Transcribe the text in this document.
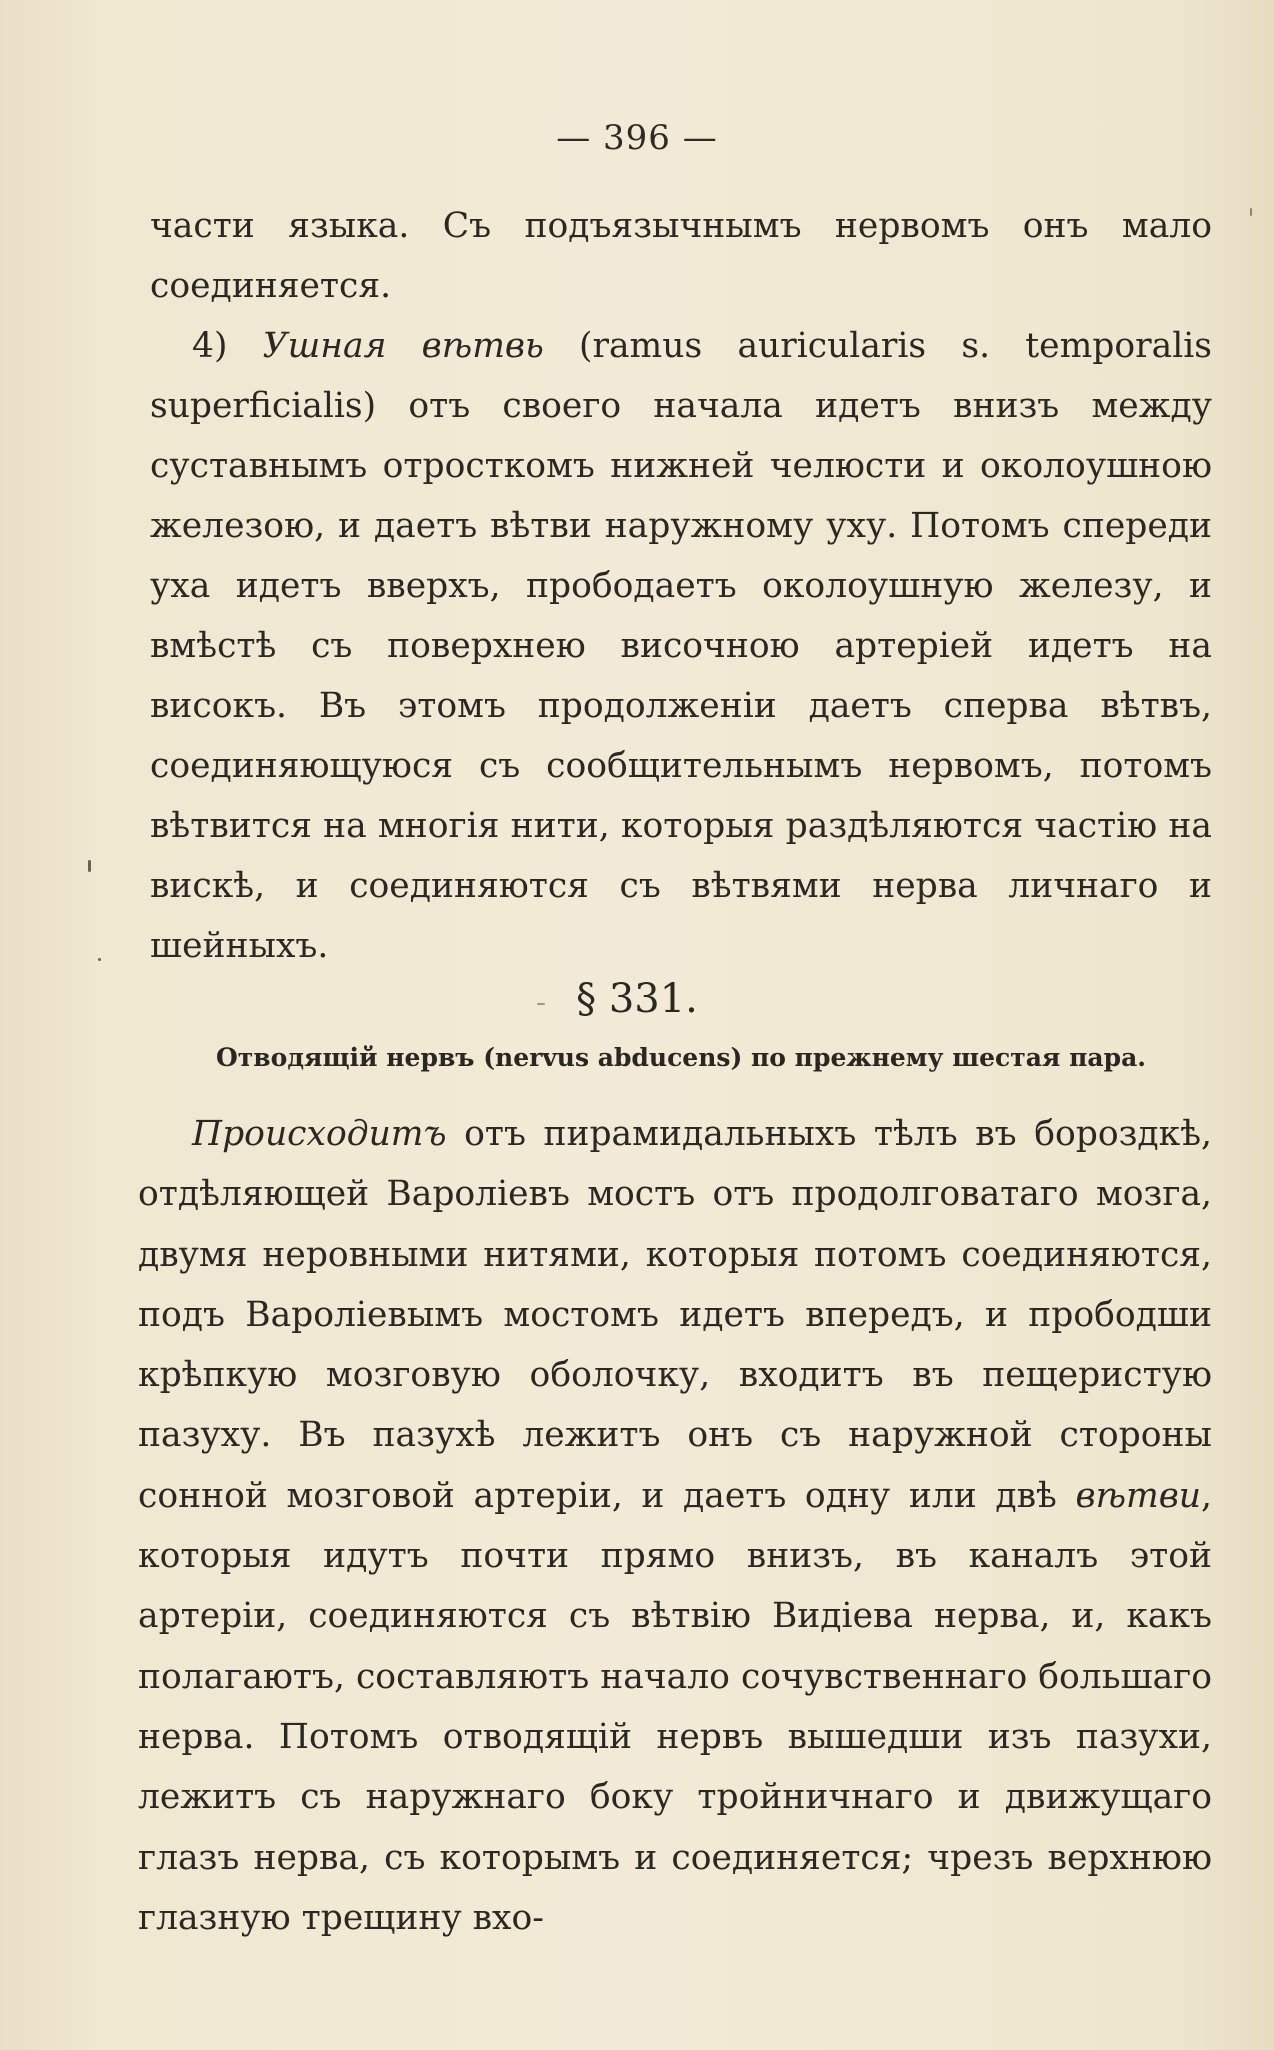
— 396 —
части языка. Съ подъязычнымъ нервомъ онъ мало соединяется.
4) Ушная вѣтвь (ramus auricularis s. temporalis superficialis) отъ своего начала идетъ внизъ между суставнымъ отросткомъ нижней челюсти и околоушною железою, и даетъ вѣтви наружному уху. Потомъ спереди уха идетъ вверхъ, прободаетъ околоушную железу, и вмѣстѣ съ поверхнею височною артеріей идетъ на високъ. Въ этомъ продолженіи даетъ сперва вѣтвъ, соединяющуюся съ сообщительнымъ нервомъ, потомъ вѣтвится на многія нити, которыя раздѣляются частію на вискѣ, и соединяются съ вѣтвями нерва личнаго и шейныхъ.
§ 331.
Отводящій нервъ (nervus abducens) по прежнему шестая пара.
Происходитъ отъ пирамидальныхъ тѣлъ въ бороздкѣ, отдѣляющей Вароліевъ мостъ отъ продолговатаго мозга, двумя неровными нитями, которыя потомъ соединяются, подъ Вароліевымъ мостомъ идетъ впередъ, и прободши крѣпкую мозговую оболочку, входитъ въ пещеристую пазуху. Въ пазухѣ лежитъ онъ съ наружной стороны сонной мозговой артеріи, и даетъ одну или двѣ вѣтви, которыя идутъ почти прямо внизъ, въ каналъ этой артеріи, соединяются съ вѣтвію Видіева нерва, и, какъ полагаютъ, составляютъ начало сочувственнаго большаго нерва. Потомъ отводящій нервъ вышедши изъ пазухи, лежитъ съ наружнаго боку тройничнаго и движущаго глазъ нерва, съ которымъ и соединяется; чрезъ верхнюю глазную трещину вхо-
